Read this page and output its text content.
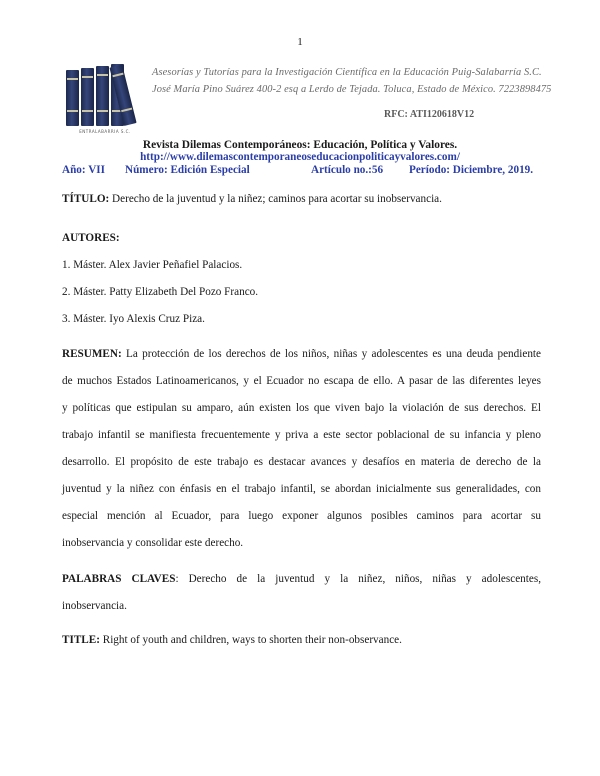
1
ENTRALABARRIA S.C.
Asesorías y Tutorías para la Investigación Científica en la Educación Puig-Salabarría S.C.
José María Pino Suárez 400-2 esq a Lerdo de Tejada. Toluca, Estado de México. 7223898475
RFC: ATI120618V12
Revista Dilemas Contemporáneos: Educación, Política y Valores.
http://www.dilemascontemporaneoseducacionpoliticayvalores.com/
Año: VII Número: Edición Especial	Artículo no.:56 Período: Diciembre, 2019.
TÍTULO: Derecho de la juventud y la niñez; caminos para acortar su inobservancia.
AUTORES:
1. Máster. Alex Javier Peñafiel Palacios.
2. Máster. Patty Elizabeth Del Pozo Franco.
3. Máster. Iyo Alexis Cruz Piza.
RESUMEN: La protección de los derechos de los niños, niñas y adolescentes es una deuda pendiente
de muchos Estados Latinoamericanos, y el Ecuador no escapa de ello. A pasar de las diferentes leyes
y políticas que estipulan su amparo, aún existen los que viven bajo la violación de sus derechos. El
trabajo infantil se manifiesta frecuentemente y priva a este sector poblacional de su infancia y pleno
desarrollo. El propósito de este trabajo es destacar avances y desafíos en materia de derecho de la
juventud y la niñez con énfasis en el trabajo infantil, se abordan inicialmente sus generalidades, con
especial mención al Ecuador, para luego exponer algunos posibles caminos para acortar su
inobservancia y consolidar este derecho.
PALABRAS CLAVES: Derecho de la juventud y la niñez, niños, niñas y adolescentes,
inobservancia.
TITLE: Right of youth and children, ways to shorten their non-observance.
